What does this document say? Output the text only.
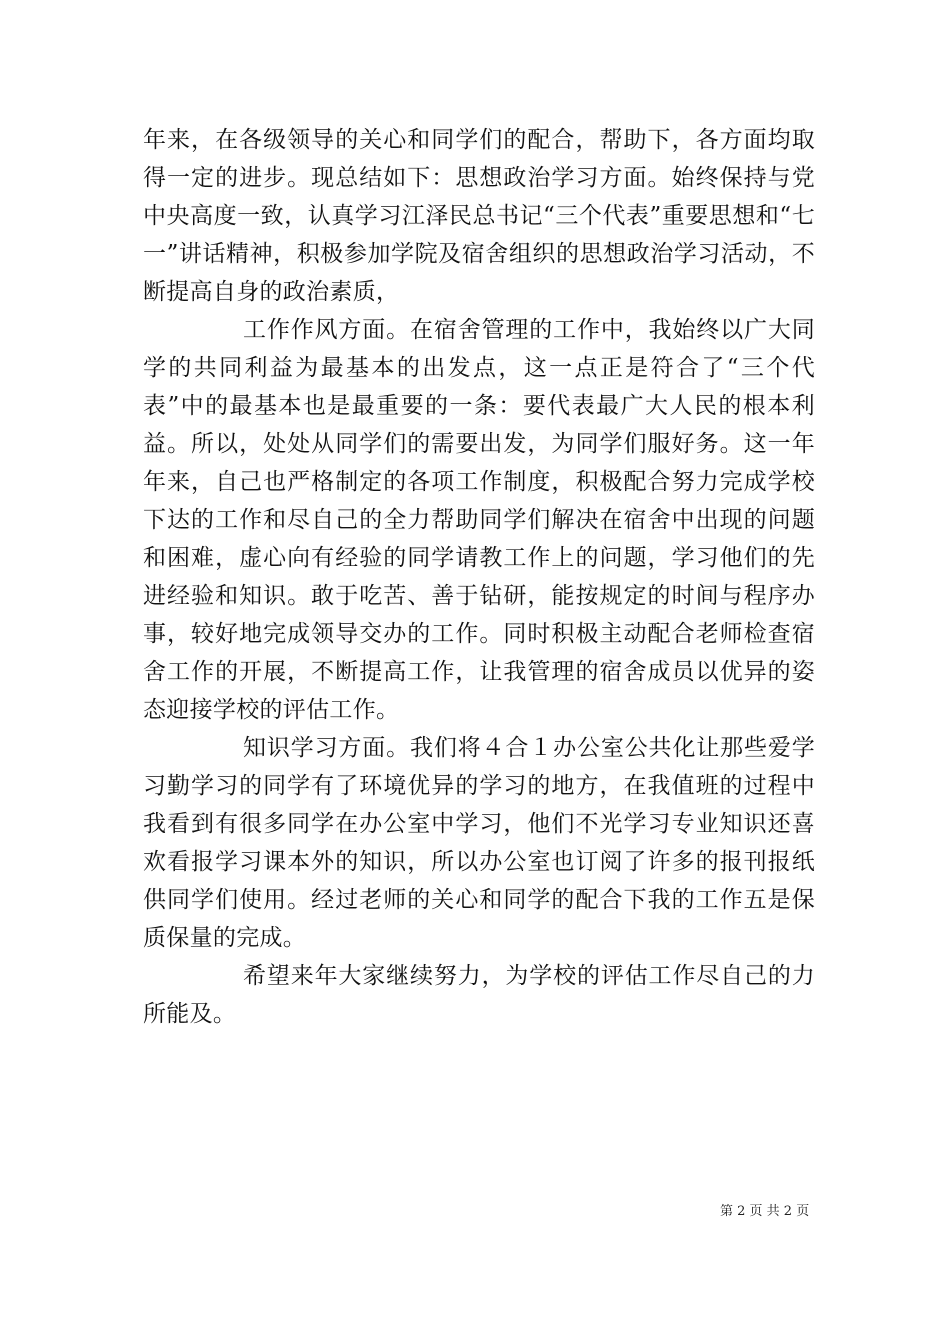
年来，在各级领导的关心和同学们的配合，帮助下，各方面均取得一定的进步。现总结如下：思想政治学习方面。始终保持与党中央高度一致，认真学习江泽民总书记“三个代表”重要思想和“七一”讲话精神，积极参加学院及宿舍组织的思想政治学习活动，不断提高自身的政治素质，

工作作风方面。在宿舍管理的工作中，我始终以广大同学的共同利益为最基本的出发点，这一点正是符合了“三个代表”中的最基本也是最重要的一条：要代表最广大人民的根本利益。所以，处处从同学们的需要出发，为同学们服好务。这一年年来，自己也严格制定的各项工作制度，积极配合努力完成学校下达的工作和尽自己的全力帮助同学们解决在宿舍中出现的问题和困难，虚心向有经验的同学请教工作上的问题，学习他们的先进经验和知识。敢于吃苦、善于钻研，能按规定的时间与程序办事，较好地完成领导交办的工作。同时积极主动配合老师检查宿舍工作的开展，不断提高工作，让我管理的宿舍成员以优异的姿态迎接学校的评估工作。

知识学习方面。我们将４合１办公室公共化让那些爱学习勤学习的同学有了环境优异的学习的地方，在我值班的过程中我看到有很多同学在办公室中学习，他们不光学习专业知识还喜欢看报学习课本外的知识，所以办公室也订阅了许多的报刊报纸供同学们使用。经过老师的关心和同学的配合下我的工作五是保质保量的完成。

希望来年大家继续努力，为学校的评估工作尽自己的力所能及。

第 2 页 共 2 页
